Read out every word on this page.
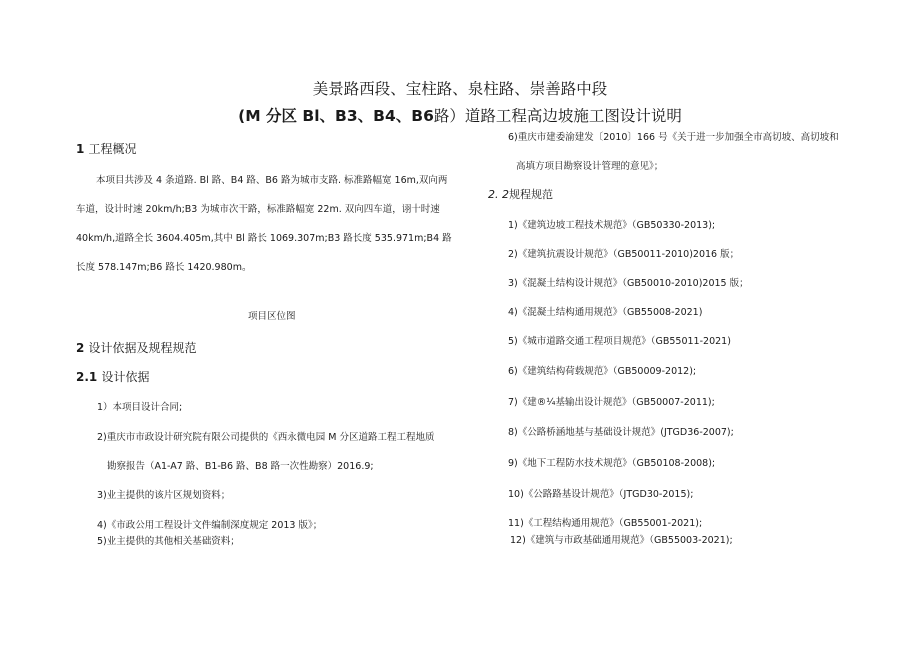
美景路西段、宝柱路、泉柱路、崇善路中段
(M 分区 Bl、B3、B4、B6路）道路工程高边坡施工图设计说明
1 工程概况
本项目共涉及 4 条道路. Bl 路、B4 路、B6 路为城市支路. 标准路幅宽 16m,双向两
车道，设计时速 20km/h;B3 为城市次干路，标准路幅宽 22m. 双向四车道，诩十时速
40km/h,道路全长 3604.405m,其中 Bl 路长 1069.307m;B3 路长度 535.971m;B4 路
长度 578.147m;B6 路长 1420.980m。
项目区位图
2 设计依据及规程规范
2.1 设计依据
1）本项目设计合同;
2)重庆市市政设计研究院有限公司提供的《西永微电园 M 分区道路工程工程地质
勘察报告（A1-A7 路、B1-B6 路、B8 路一次性勘察）2016.9;
3)业主提供的该片区规划资料；
4)《市政公用工程设计文件编制深度规定 2013 版》；
5)业主提供的其他相关基础资料；
6)重庆市建委渝建发〔2010〕166 号《关于进一步加强全市高切坡、高切坡和
高填方项目勘察设计管理的意见》；
2. 2规程规范
1)《建筑边坡工程技术规范》（GB50330-2013);
2)《建筑抗震设计规范》（GB50011-2010)2016 版；
3)《混凝土结构设计规范》（GB50010-2010)2015 版；
4)《混凝土结构通用规范》（GB55008-2021)
5)《城市道路交通工程项目规范》（GB55011-2021)
6)《建筑结构荷载规范》（GB50009-2012);
7)《建®¼基输出设计规范》（GB50007-2011);
8)《公路桥涵地基与基础设计规范》(JTGD36-2007);
9)《地下工程防水技术规范》（GB50108-2008);
10)《公路路基设计规范》（JTGD30-2015);
11)《工程结构通用规范》（GB55001-2021);
12)《建筑与市政基础通用规范》（GB55003-2021);
